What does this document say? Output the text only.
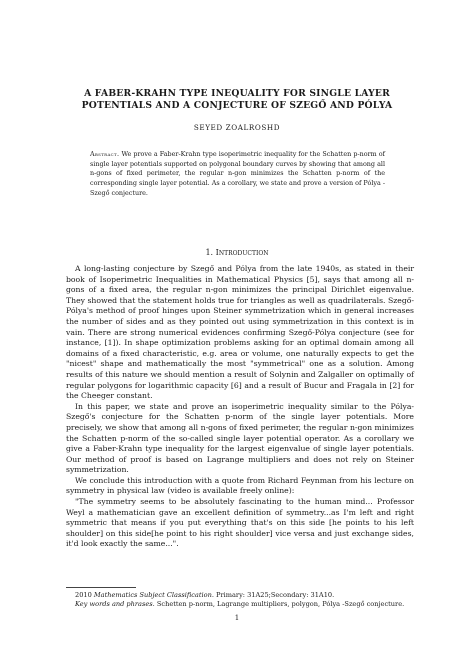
A FABER-KRAHN TYPE INEQUALITY FOR SINGLE LAYER
POTENTIALS AND A CONJECTURE OF SZEGŐ AND PÓLYA
SEYED ZOALROSHD
Abstract. We prove a Faber-Krahn type isoperimetric inequality for the Schatten p-norm of single layer potentials supported on polygonal boundary curves by showing that among all n-gons of fixed perimeter, the regular n-gon minimizes the Schatten p-norm of the corresponding single layer potential. As a corollary, we state and prove a version of Pólya - Szegő conjecture.
1. Introduction

A long-lasting conjecture by Szegő and Pólya from the late 1940s, as stated in their book of Isoperimetric Inequalities in Mathematical Physics [5], says that among all n-gons of a fixed area, the regular n-gon minimizes the principal Dirichlet eigenvalue. They showed that the statement holds true for triangles as well as quadrilaterals. Szegő- Pólya's method of proof hinges upon Steiner symmetrization which in general increases the number of sides and as they pointed out using symmetrization in this context is in vain. There are strong numerical evidences confirming Szegő-Pólya conjecture (see for instance, [1]). In shape optimization problems asking for an optimal domain among all domains of a fixed characteristic, e.g. area or volume, one naturally expects to get the "nicest" shape and mathematically the most "symmetrical" one as a solution. Among results of this nature we should mention a result of Solynin and Zalgaller on optimally of regular polygons for logarithmic capacity [6] and a result of Bucur and Fragala in [2] for the Cheeger constant.

In this paper, we state and prove an isoperimetric inequality similar to the Pólya-Szegő's conjecture for the Schatten p-norm of the single layer potentials. More precisely, we show that among all n-gons of fixed perimeter, the regular n-gon minimizes the Schatten p-norm of the so-called single layer potential operator. As a corollary we give a Faber-Krahn type inequality for the largest eigenvalue of single layer potentials. Our method of proof is based on Lagrange multipliers and does not rely on Steiner symmetrization.

We conclude this introduction with a quote from Richard Feynman from his lecture on symmetry in physical law (video is available freely online):

"The symmetry seems to be absolutely fascinating to the human mind... Professor Weyl a mathematician gave an excellent definition of symmetry...as I'm left and right symmetric that means if you put everything that's on this side [he points to his left shoulder] on this side[he point to his right shoulder] vice versa and just exchange sides, it'd look exactly the same...".

2010 Mathematics Subject Classification. Primary: 31A25;Secondary: 31A10.
Key words and phrases. Schetten p-norm, Lagrange multipliers, polygon, Pólya -Szegő conjecture.
1
